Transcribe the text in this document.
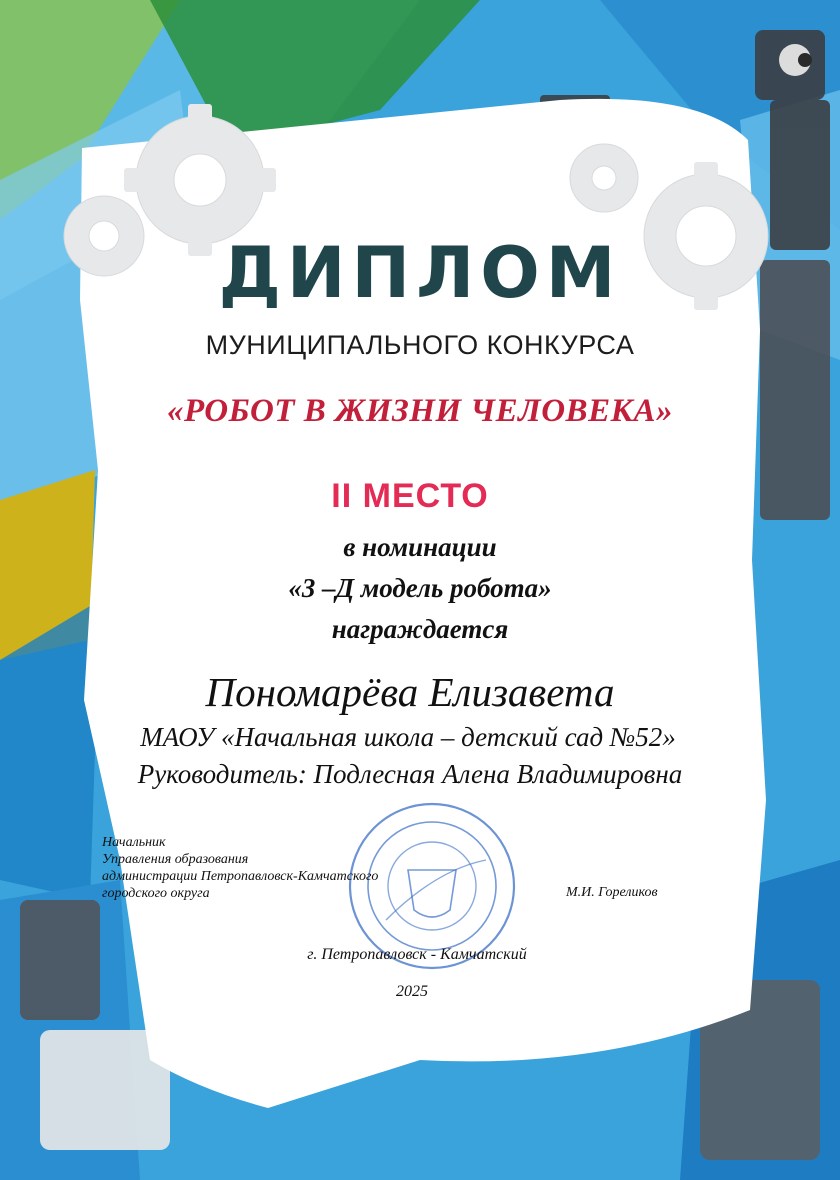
ДИПЛОМ
МУНИЦИПАЛЬНОГО КОНКУРСА
«РОБОТ В ЖИЗНИ ЧЕЛОВЕКА»
II МЕСТО
в номинации
«3 –Д модель робота»
награждается
Пономарёва Елизавета
МАОУ «Начальная школа – детский сад №52»
Руководитель: Подлесная Алена Владимировна
Начальник
Управления образования
администрации Петропавловск-Камчатского
городского округа	М.И. Гореликов
г. Петропавловск - Камчатский
2025
